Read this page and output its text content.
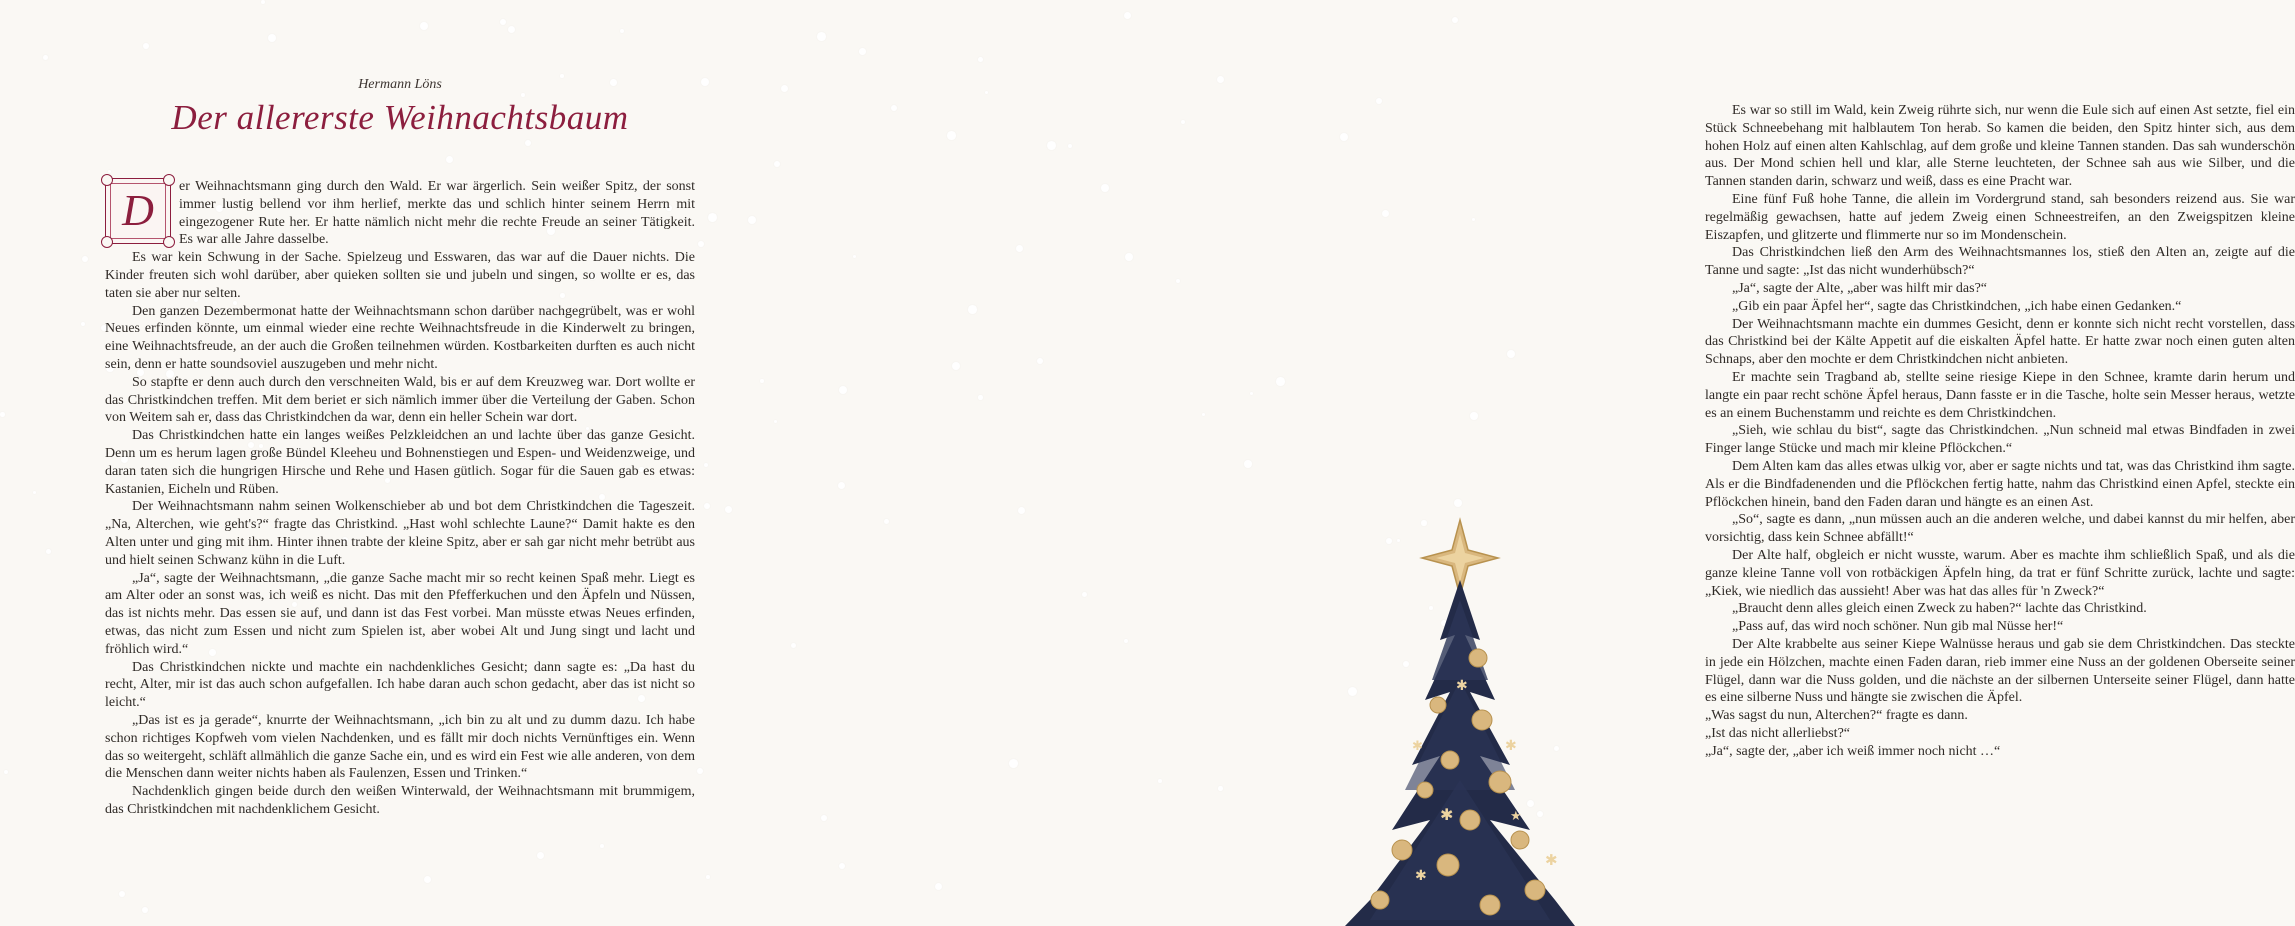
Hermann Löns
Der allererste Weihnachtsbaum
D	er Weihnachtsmann ging durch den Wald. Er war ärgerlich. Sein weißer Spitz, der sonst immer lustig bellend vor ihm herlief, merkte das und schlich hinter seinem Herrn mit eingezogener Rute her. Er hatte nämlich nicht mehr die rechte Freude an seiner Tätigkeit. Es war alle Jahre dasselbe.

Es war kein Schwung in der Sache. Spielzeug und Esswaren, das war auf die Dauer nichts. Die Kinder freuten sich wohl darüber, aber quieken sollten sie und jubeln und singen, so wollte er es, das taten sie aber nur selten.

Den ganzen Dezembermonat hatte der Weihnachtsmann schon darüber nachgegrübelt, was er wohl Neues erfinden könnte, um einmal wieder eine rechte Weihnachtsfreude in die Kinderwelt zu bringen, eine Weihnachtsfreude, an der auch die Großen teilnehmen würden. Kostbarkeiten durften es auch nicht sein, denn er hatte soundsoviel auszugeben und mehr nicht.

So stapfte er denn auch durch den verschneiten Wald, bis er auf dem Kreuzweg war. Dort wollte er das Christkindchen treffen. Mit dem beriet er sich nämlich immer über die Verteilung der Gaben. Schon von Weitem sah er, dass das Christkindchen da war, denn ein heller Schein war dort.

Das Christkindchen hatte ein langes weißes Pelzkleidchen an und lachte über das ganze Gesicht. Denn um es herum lagen große Bündel Kleeheu und Bohnenstiegen und Espen- und Weidenzweige, und daran taten sich die hungrigen Hirsche und Rehe und Hasen gütlich. Sogar für die Sauen gab es etwas: Kastanien, Eicheln und Rüben.

Der Weihnachtsmann nahm seinen Wolkenschieber ab und bot dem Christkindchen die Tageszeit. „Na, Alterchen, wie geht's?“ fragte das Christkind. „Hast wohl schlechte Laune?“ Damit hakte es den Alten unter und ging mit ihm. Hinter ihnen trabte der kleine Spitz, aber er sah gar nicht mehr betrübt aus und hielt seinen Schwanz kühn in die Luft.

„Ja“, sagte der Weihnachtsmann, „die ganze Sache macht mir so recht keinen Spaß mehr. Liegt es am Alter oder an sonst was, ich weiß es nicht. Das mit den Pfefferkuchen und den Äpfeln und Nüssen, das ist nichts mehr. Das essen sie auf, und dann ist das Fest vorbei. Man müsste etwas Neues erfinden, etwas, das nicht zum Essen und nicht zum Spielen ist, aber wobei Alt und Jung singt und lacht und fröhlich wird.“

Das Christkindchen nickte und machte ein nachdenkliches Gesicht; dann sagte es: „Da hast du recht, Alter, mir ist das auch schon aufgefallen. Ich habe daran auch schon gedacht, aber das ist nicht so leicht.“

„Das ist es ja gerade“, knurrte der Weihnachtsmann, „ich bin zu alt und zu dumm dazu. Ich habe schon richtiges Kopfweh vom vielen Nachdenken, und es fällt mir doch nichts Vernünftiges ein. Wenn das so weitergeht, schläft allmählich die ganze Sache ein, und es wird ein Fest wie alle anderen, von dem die Menschen dann weiter nichts haben als Faulenzen, Essen und Trinken.“

Nachdenklich gingen beide durch den weißen Winterwald, der Weihnachtsmann mit brummigem, das Christkindchen mit nachdenklichem Gesicht.

Es war so still im Wald, kein Zweig rührte sich, nur wenn die Eule sich auf einen Ast setzte, fiel ein Stück Schneebehang mit halblautem Ton herab. So kamen die beiden, den Spitz hinter sich, aus dem hohen Holz auf einen alten Kahlschlag, auf dem große und kleine Tannen standen. Das sah wunderschön aus. Der Mond schien hell und klar, alle Sterne leuchteten, der Schnee sah aus wie Silber, und die Tannen standen darin, schwarz und weiß, dass es eine Pracht war.

Eine fünf Fuß hohe Tanne, die allein im Vordergrund stand, sah besonders reizend aus. Sie war regelmäßig gewachsen, hatte auf jedem Zweig einen Schneestreifen, an den Zweigspitzen kleine Eiszapfen, und glitzerte und flimmerte nur so im Mondenschein.

Das Christkindchen ließ den Arm des Weihnachtsmannes los, stieß den Alten an, zeigte auf die Tanne und sagte: „Ist das nicht wunderhübsch?“

„Ja“, sagte der Alte, „aber was hilft mir das?“

„Gib ein paar Äpfel her“, sagte das Christkindchen, „ich habe einen Gedanken.“

Der Weihnachtsmann machte ein dummes Gesicht, denn er konnte sich nicht recht vorstellen, dass das Christkind bei der Kälte Appetit auf die eiskalten Äpfel hatte. Er hatte zwar noch einen guten alten Schnaps, aber den mochte er dem Christkindchen nicht anbieten.

Er machte sein Tragband ab, stellte seine riesige Kiepe in den Schnee, kramte darin herum und langte ein paar recht schöne Äpfel heraus, Dann fasste er in die Tasche, holte sein Messer heraus, wetzte es an einem Buchenstamm und reichte es dem Christkindchen.

„Sieh, wie schlau du bist“, sagte das Christkindchen. „Nun schneid mal etwas Bindfaden in zwei Finger lange Stücke und mach mir kleine Pflöckchen.“

Dem Alten kam das alles etwas ulkig vor, aber er sagte nichts und tat, was das Christkind ihm sagte. Als er die Bindfadenenden und die Pflöckchen fertig hatte, nahm das Christkind einen Apfel, steckte ein Pflöckchen hinein, band den Faden daran und hängte es an einen Ast.

„So“, sagte es dann, „nun müssen auch an die anderen welche, und dabei kannst du mir helfen, aber vorsichtig, dass kein Schnee abfällt!“

Der Alte half, obgleich er nicht wusste, warum. Aber es machte ihm schließlich Spaß, und als die ganze kleine Tanne voll von rotbäckigen Äpfeln hing, da trat er fünf Schritte zurück, lachte und sagte: „Kiek, wie niedlich das aussieht! Aber was hat das alles für 'n Zweck?“

„Braucht denn alles gleich einen Zweck zu haben?“ lachte das Christkind.

„Pass auf, das wird noch schöner. Nun gib mal Nüsse her!“

Der Alte krabbelte aus seiner Kiepe Walnüsse heraus und gab sie dem Christkindchen. Das steckte in jede ein Hölzchen, machte einen Faden daran, rieb immer eine Nuss an der goldenen Oberseite seiner Flügel, dann war die Nuss golden, und die nächste an der silbernen Unterseite seiner Flügel, dann hatte es eine silberne Nuss und hängte sie zwischen die Äpfel.

„Was sagst du nun, Alterchen?“ fragte es dann.

„Ist das nicht allerliebst?“

„Ja“, sagte der, „aber ich weiß immer noch nicht …“

✱
✱
✱
✱	★
✱
✱
